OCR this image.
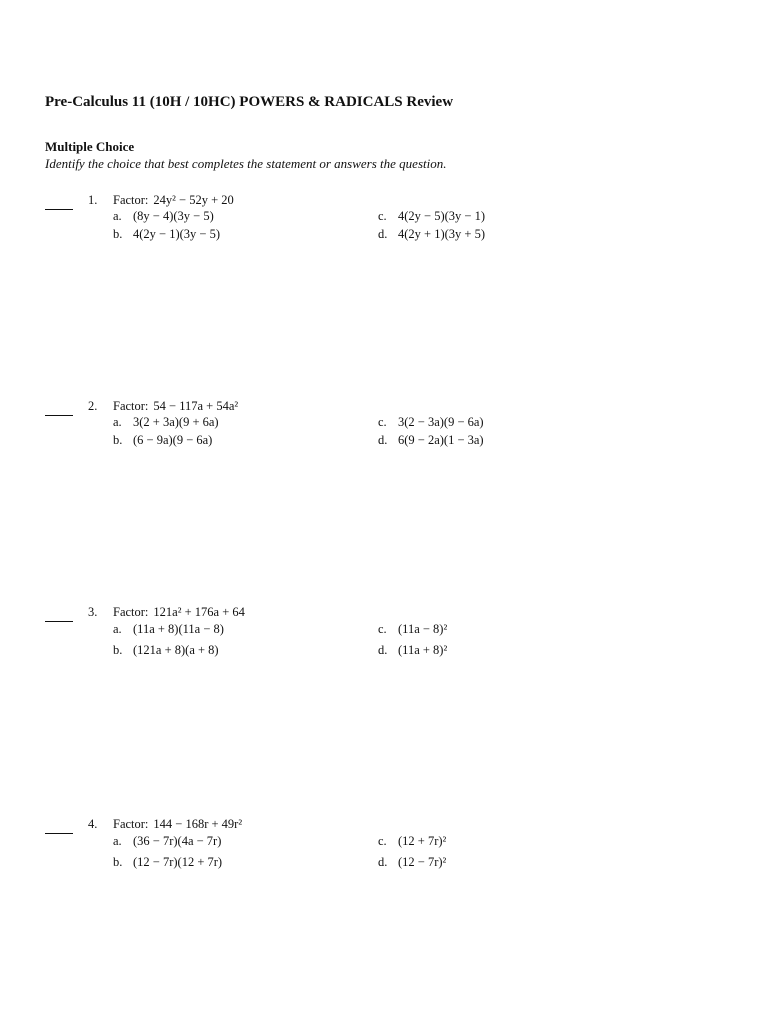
Pre-Calculus 11 (10H / 10HC) POWERS & RADICALS Review
Multiple Choice
Identify the choice that best completes the statement or answers the question.
1. Factor: 24y² − 52y + 20
a. (8y − 4)(3y − 5)
b. 4(2y − 1)(3y − 5)
c. 4(2y − 5)(3y − 1)
d. 4(2y + 1)(3y + 5)
2. Factor: 54 − 117a + 54a²
a. 3(2 + 3a)(9 + 6a)
b. (6 − 9a)(9 − 6a)
c. 3(2 − 3a)(9 − 6a)
d. 6(9 − 2a)(1 − 3a)
3. Factor: 121a² + 176a + 64
a. (11a + 8)(11a − 8)
b. (121a + 8)(a + 8)
c. (11a − 8)²
d. (11a + 8)²
4. Factor: 144 − 168r + 49r²
a. (36 − 7r)(4a − 7r)
b. (12 − 7r)(12 + 7r)
c. (12 + 7r)²
d. (12 − 7r)²
